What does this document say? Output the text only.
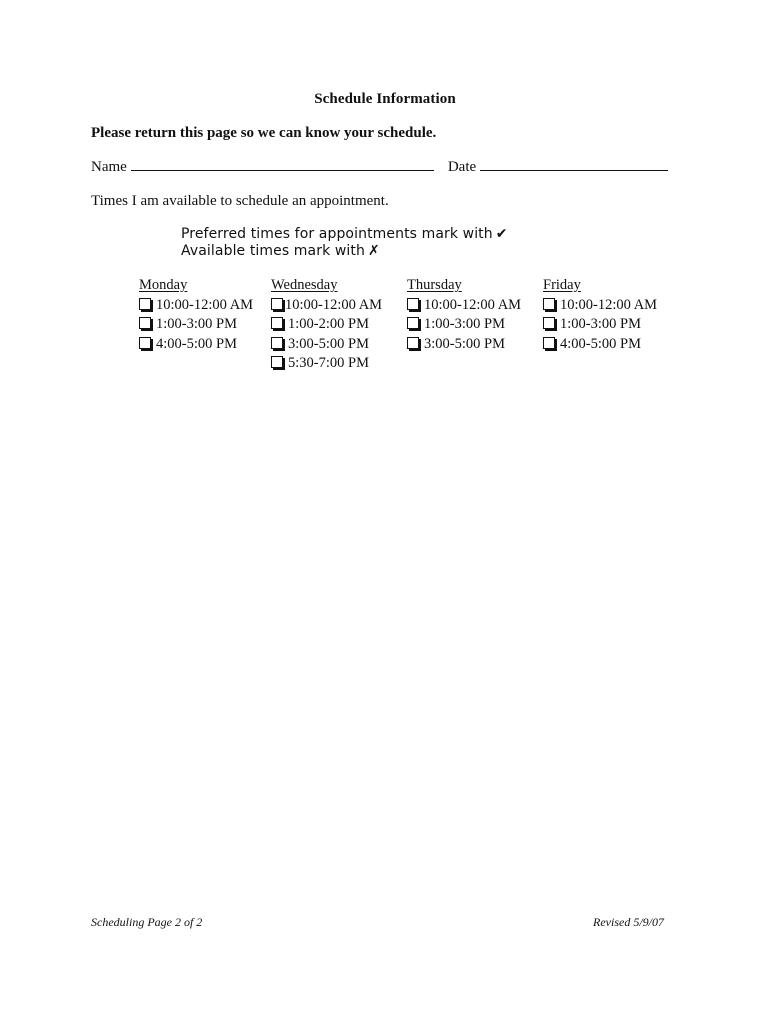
Schedule Information
Please return this page so we can know your schedule.
Name	Date
Times I am available to schedule an appointment.
Preferred times for appointments mark with ✔
Available times mark with ✗
Monday
10:00-12:00 AM
1:00-3:00 PM
4:00-5:00 PM
Wednesday
10:00-12:00 AM
1:00-2:00 PM
3:00-5:00 PM
5:30-7:00 PM
Thursday
10:00-12:00 AM
1:00-3:00 PM
3:00-5:00 PM
Friday
10:00-12:00 AM
1:00-3:00 PM
4:00-5:00 PM
Scheduling Page 2 of 2	Revised 5/9/07
